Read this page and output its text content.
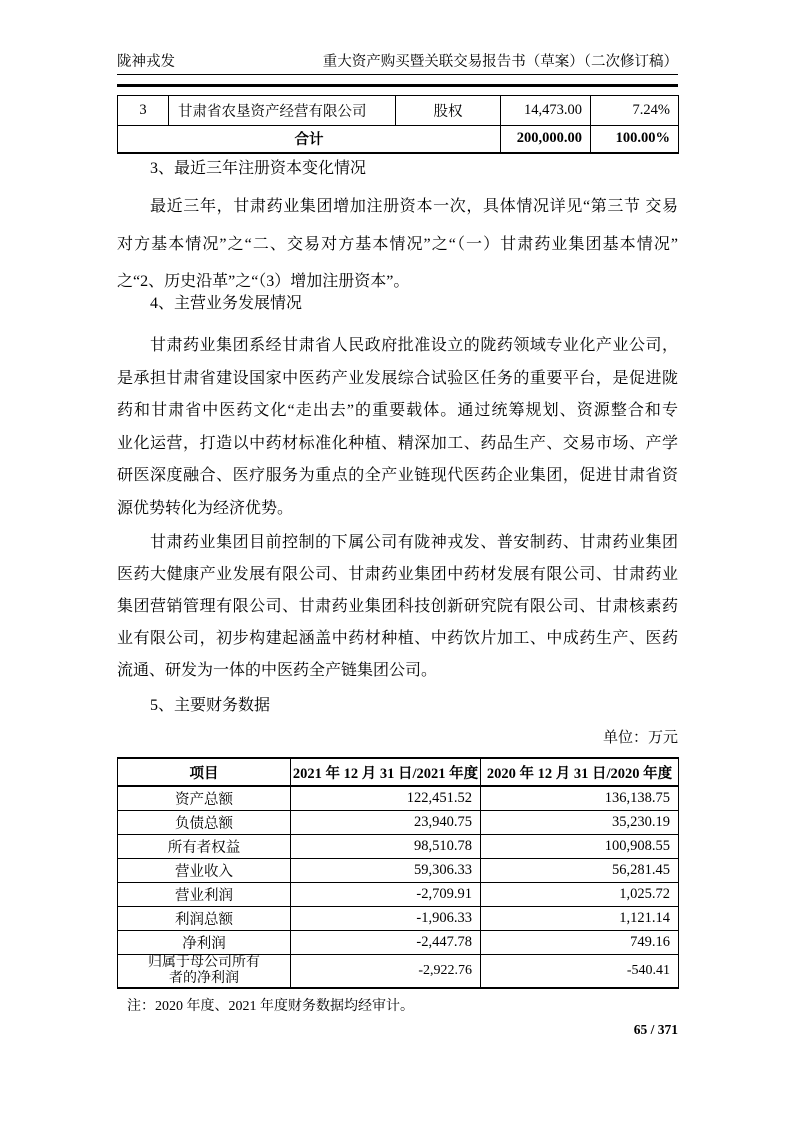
陇神戎发	重大资产购买暨关联交易报告书（草案）（二次修订稿）
3	甘肃省农垦资产经营有限公司	股权	14,473.00	7.24%
合计			200,000.00	100.00%
3、最近三年注册资本变化情况
最近三年，甘肃药业集团增加注册资本一次，具体情况详见“第三节 交易
对方基本情况”之“二、交易对方基本情况”之“（一）甘肃药业集团基本情况”
之“2、历史沿革”之“（3）增加注册资本”。
4、主营业务发展情况
甘肃药业集团系经甘肃省人民政府批准设立的陇药领域专业化产业公司，
是承担甘肃省建设国家中医药产业发展综合试验区任务的重要平台，是促进陇
药和甘肃省中医药文化“走出去”的重要载体。通过统筹规划、资源整合和专
业化运营，打造以中药材标准化种植、精深加工、药品生产、交易市场、产学
研医深度融合、医疗服务为重点的全产业链现代医药企业集团，促进甘肃省资
源优势转化为经济优势。
甘肃药业集团目前控制的下属公司有陇神戎发、普安制药、甘肃药业集团
医药大健康产业发展有限公司、甘肃药业集团中药材发展有限公司、甘肃药业
集团营销管理有限公司、甘肃药业集团科技创新研究院有限公司、甘肃核素药
业有限公司，初步构建起涵盖中药材种植、中药饮片加工、中成药生产、医药
流通、研发为一体的中医药全产链集团公司。
5、主要财务数据
单位：万元
项目	2021 年 12 月 31 日/2021 年度	2020 年 12 月 31 日/2020 年度
资产总额	122,451.52	136,138.75
负债总额	23,940.75	35,230.19
所有者权益	98,510.78	100,908.55
营业收入	59,306.33	56,281.45
营业利润	-2,709.91	1,025.72
利润总额	-1,906.33	1,121.14
净利润	-2,447.78	749.16
归属于母公司所有者的净利润	-2,922.76	-540.41
注：2020 年度、2021 年度财务数据均经审计。
65 / 371
